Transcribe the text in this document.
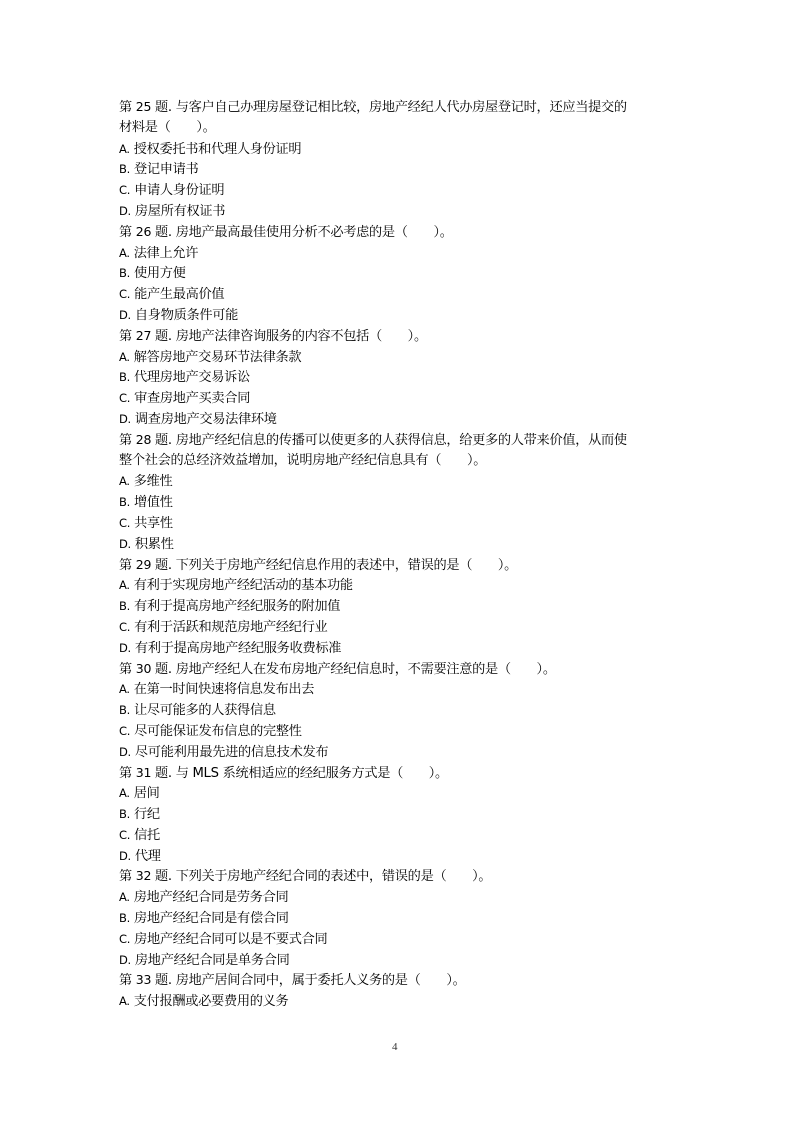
第 25 题. 与客户自己办理房屋登记相比较，房地产经纪人代办房屋登记时，还应当提交的
材料是（　　）。
A. 授权委托书和代理人身份证明
B. 登记申请书
C. 申请人身份证明
D. 房屋所有权证书
第 26 题. 房地产最高最佳使用分析不必考虑的是（　　）。
A. 法律上允许
B. 使用方便
C. 能产生最高价值
D. 自身物质条件可能
第 27 题. 房地产法律咨询服务的内容不包括（　　）。
A. 解答房地产交易环节法律条款
B. 代理房地产交易诉讼
C. 审查房地产买卖合同
D. 调查房地产交易法律环境
第 28 题. 房地产经纪信息的传播可以使更多的人获得信息，给更多的人带来价值，从而使
整个社会的总经济效益增加，说明房地产经纪信息具有（　　）。
A. 多维性
B. 增值性
C. 共享性
D. 积累性
第 29 题. 下列关于房地产经纪信息作用的表述中，错误的是（　　）。
A. 有利于实现房地产经纪活动的基本功能
B. 有利于提高房地产经纪服务的附加值
C. 有利于活跃和规范房地产经纪行业
D. 有利于提高房地产经纪服务收费标准
第 30 题. 房地产经纪人在发布房地产经纪信息时，不需要注意的是（　　）。
A. 在第一时间快速将信息发布出去
B. 让尽可能多的人获得信息
C. 尽可能保证发布信息的完整性
D. 尽可能利用最先进的信息技术发布
第 31 题. 与 MLS 系统相适应的经纪服务方式是（　　）。
A. 居间
B. 行纪
C. 信托
D. 代理
第 32 题. 下列关于房地产经纪合同的表述中，错误的是（　　）。
A. 房地产经纪合同是劳务合同
B. 房地产经纪合同是有偿合同
C. 房地产经纪合同可以是不要式合同
D. 房地产经纪合同是单务合同
第 33 题. 房地产居间合同中，属于委托人义务的是（　　）。
A. 支付报酬或必要费用的义务
4
